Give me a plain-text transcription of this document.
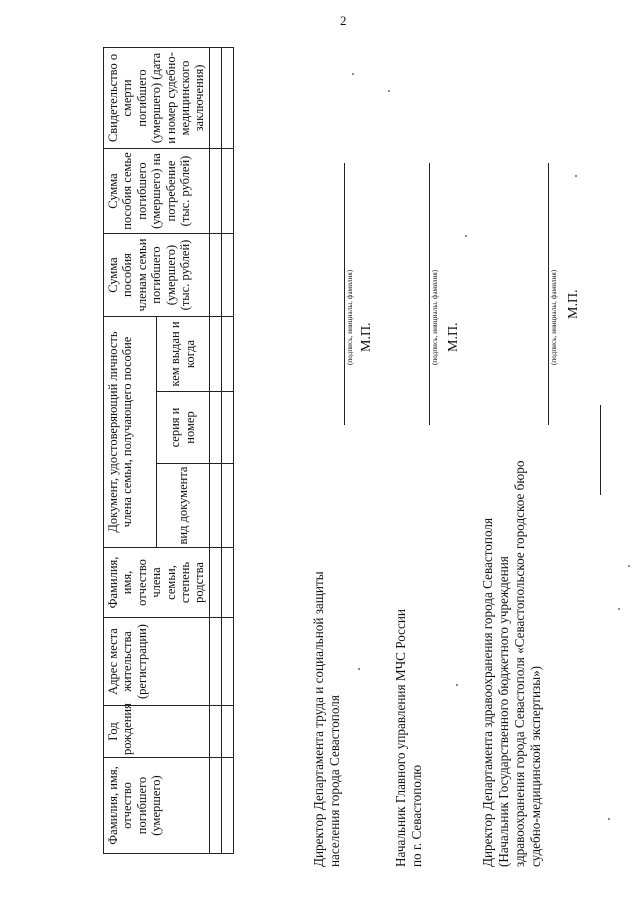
2
Фамилия, имя, отчество погибшего (умершего)	Год рождения	Адрес места жительства (регистрации)	Фамилия, имя, отчество члена семьи, степень родства	Документ, удостоверяющий личность члена семьи, получающего пособие			Сумма пособия членам семьи погибшего (умершего) (тыс. рублей)	Сумма пособия семье погибшего (умершего) на потребение (тыс. рублей)	Свидетельство о смерти погибшего (умершего) (дата и номер судебно-медицинского заключения)
				вид документа	серия и номер	кем выдан и когда			

Директор Департамента труда и социальной защиты населения города Севастополя
(подпись, инициалы, фамилия) М.П.
Начальник Главного управления МЧС России по г. Севастополю
(подпись, инициалы, фамилия) М.П.
Директор Департамента здравоохранения города Севастополя (Начальник Государственного бюджетного учреждения здравоохранения города Севастополя «Севастопольское городское бюро судебно-медицинской экспертизы»)
(подпись, инициалы, фамилия) М.П.
